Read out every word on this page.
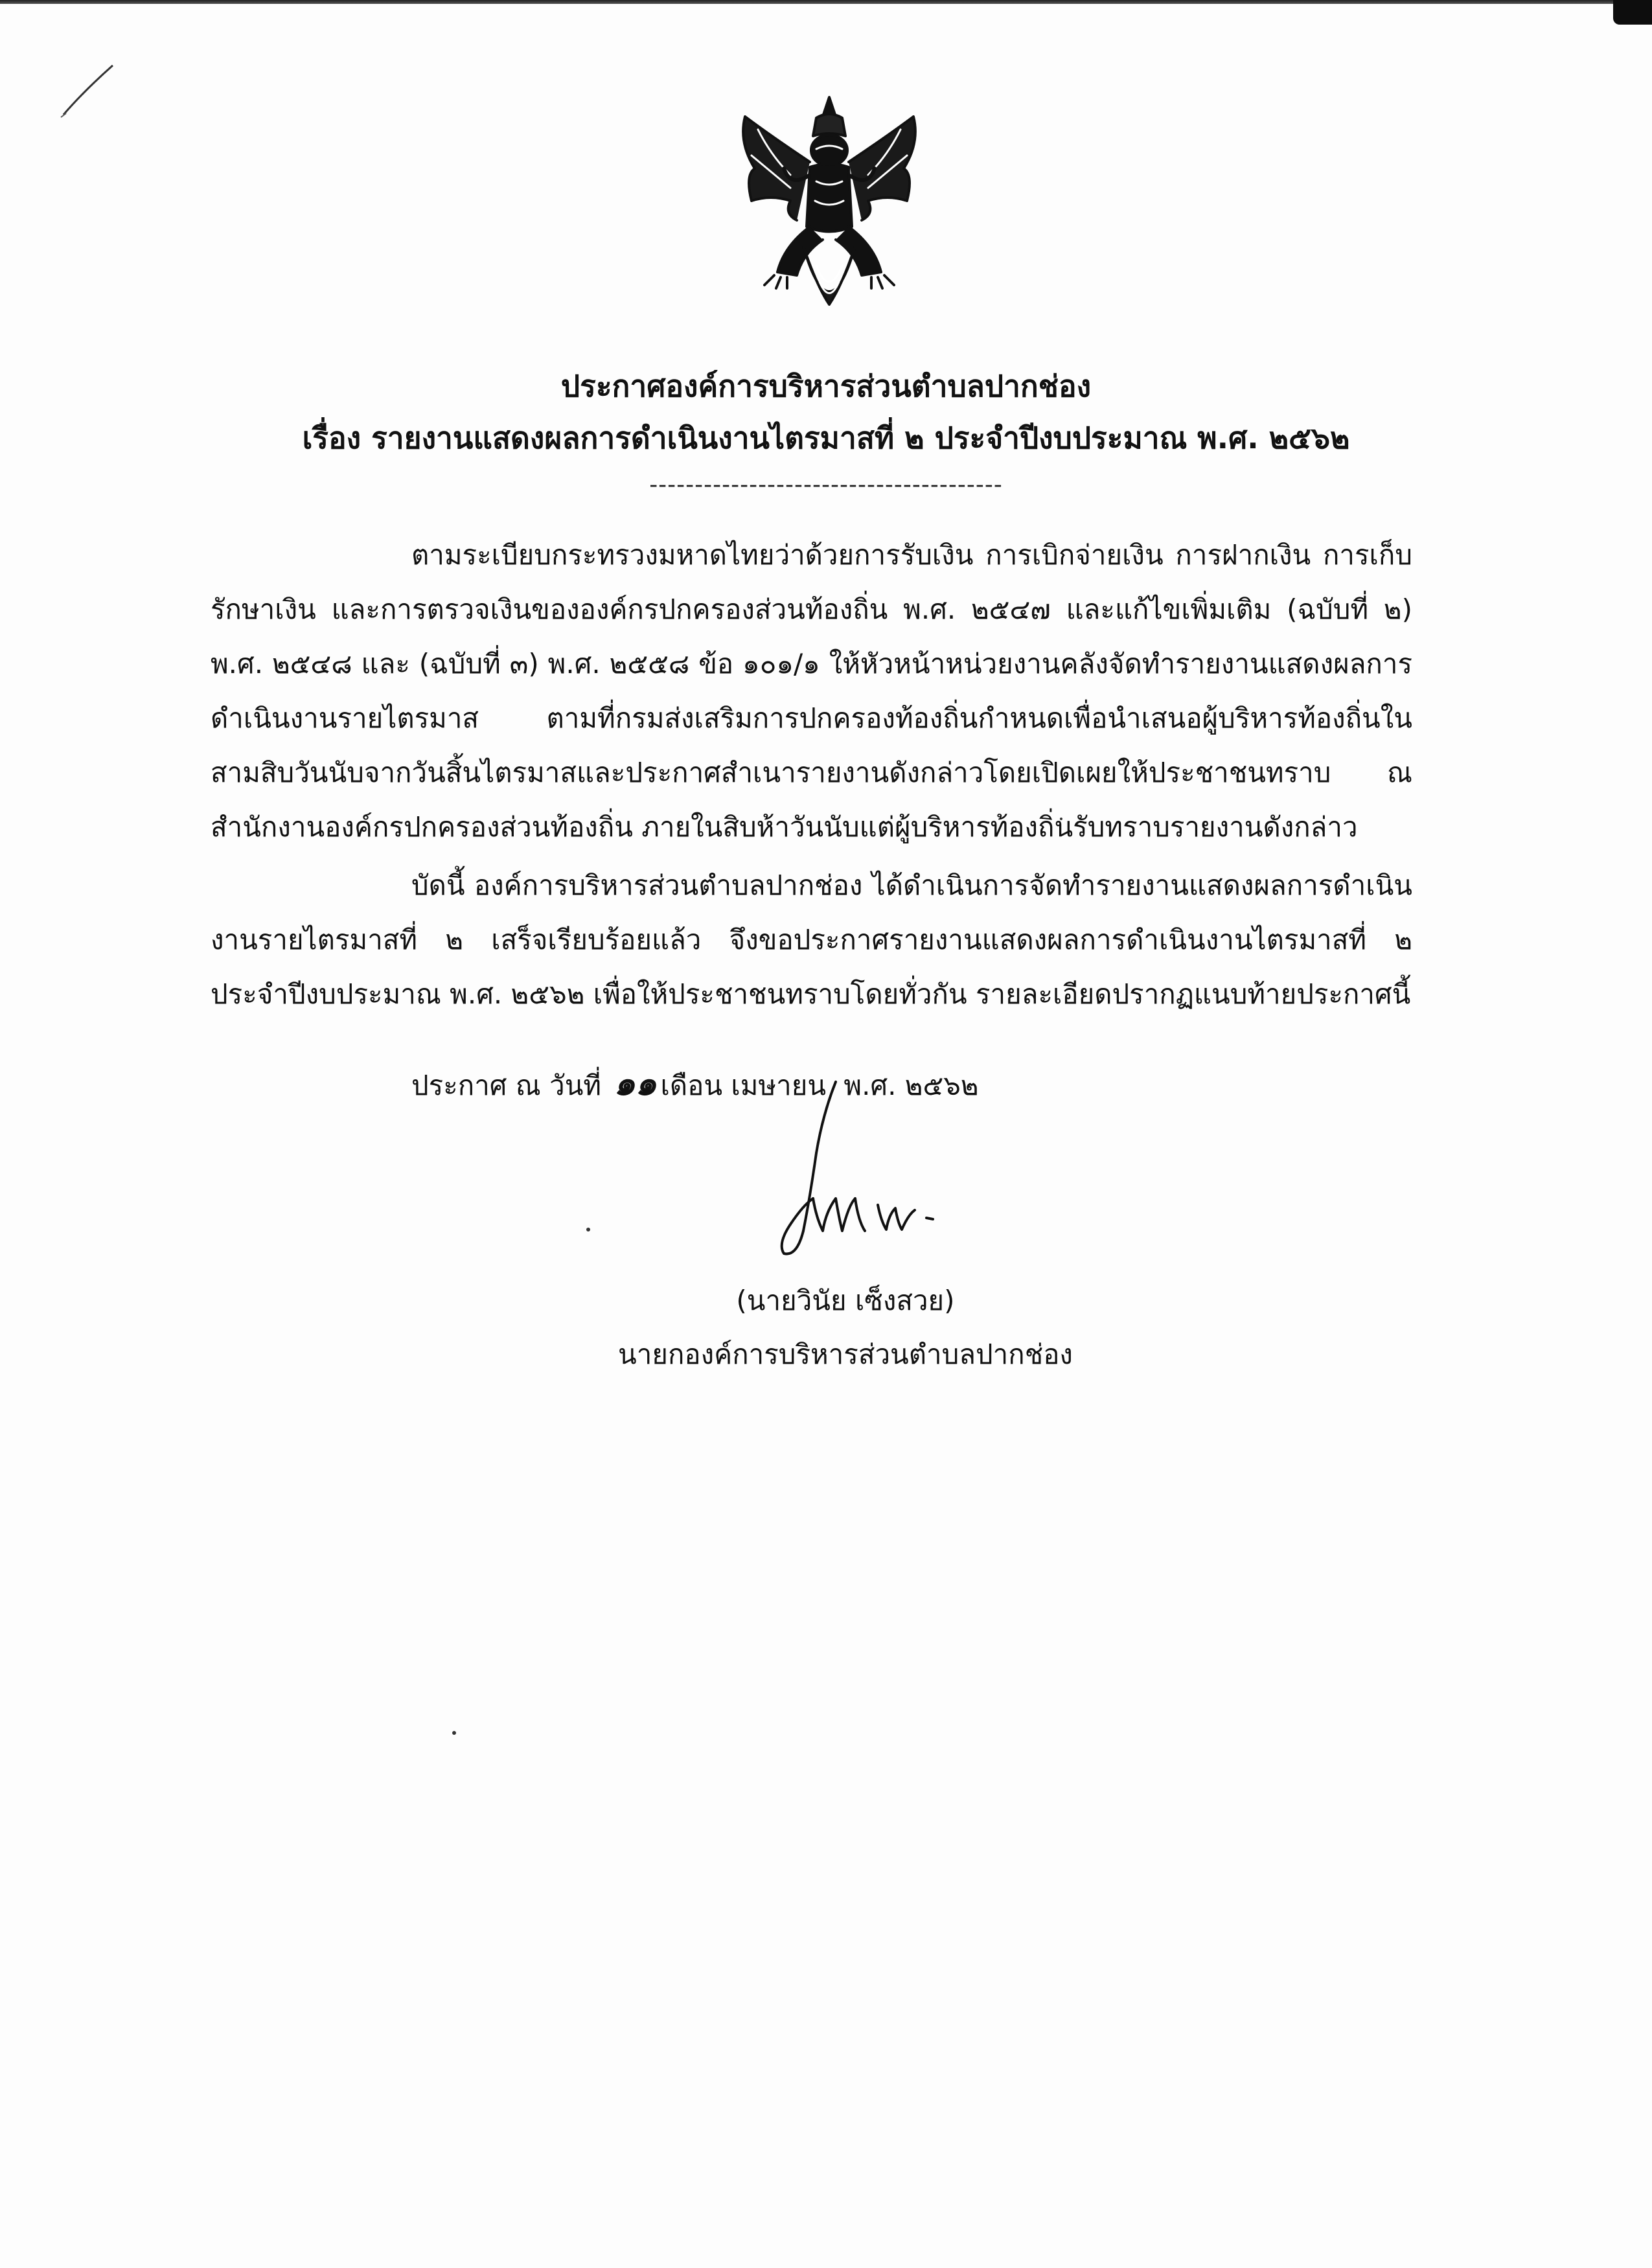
ประกาศองค์การบริหารส่วนตำบลปากช่อง
เรื่อง รายงานแสดงผลการดำเนินงานไตรมาสที่ ๒ ประจำปีงบประมาณ พ.ศ. ๒๕๖๒
---------------------------------------

ตามระเบียบกระทรวงมหาดไทยว่าด้วยการรับเงิน การเบิกจ่ายเงิน การฝากเงิน การเก็บรักษาเงิน และการตรวจเงินขององค์กรปกครองส่วนท้องถิ่น พ.ศ. ๒๕๔๗ และแก้ไขเพิ่มเติม (ฉบับที่ ๒) พ.ศ. ๒๕๔๘ และ (ฉบับที่ ๓) พ.ศ. ๒๕๕๘ ข้อ ๑๐๑/๑ ให้หัวหน้าหน่วยงานคลังจัดทำรายงานแสดงผลการดำเนินงานรายไตรมาส ตามที่กรมส่งเสริมการปกครองท้องถิ่นกำหนดเพื่อนำเสนอผู้บริหารท้องถิ่นในสามสิบวันนับจากวันสิ้นไตรมาสและประกาศสำเนารายงานดังกล่าวโดยเปิดเผยให้ประชาชนทราบ ณ สำนักงานองค์กรปกครองส่วนท้องถิ่น ภายในสิบห้าวันนับแต่ผู้บริหารท้องถิ่นรับทราบรายงานดังกล่าว

บัดนี้ องค์การบริหารส่วนตำบลปากช่อง ได้ดำเนินการจัดทำรายงานแสดงผลการดำเนินงานรายไตรมาสที่ ๒ เสร็จเรียบร้อยแล้ว จึงขอประกาศรายงานแสดงผลการดำเนินงานไตรมาสที่ ๒ ประจำปีงบประมาณ พ.ศ. ๒๕๖๒ เพื่อให้ประชาชนทราบโดยทั่วกัน รายละเอียดปรากฏแนบท้ายประกาศนี้

ประกาศ ณ วันที่ ๑๑ เดือน เมษายน พ.ศ. ๒๕๖๒
(นายวินัย เซ็งสวย)
นายกองค์การบริหารส่วนตำบลปากช่อง
